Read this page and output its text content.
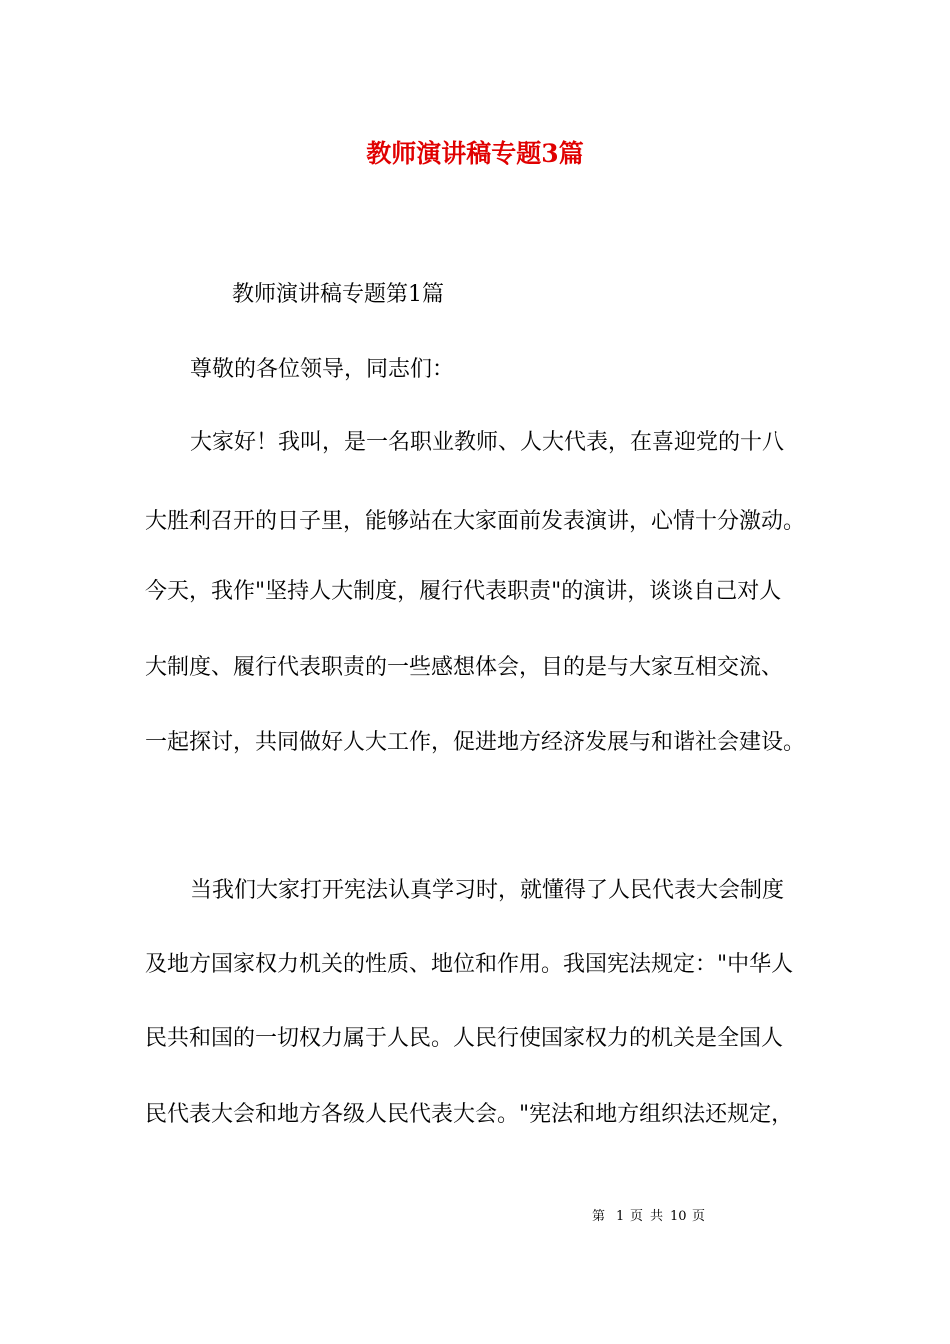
教师演讲稿专题3篇
教师演讲稿专题第1篇
尊敬的各位领导，同志们：
大家好！我叫，是一名职业教师、人大代表，在喜迎党的十八
大胜利召开的日子里，能够站在大家面前发表演讲，心情十分激动。
今天，我作"坚持人大制度，履行代表职责"的演讲，谈谈自己对人
大制度、履行代表职责的一些感想体会，目的是与大家互相交流、
一起探讨，共同做好人大工作，促进地方经济发展与和谐社会建设。
当我们大家打开宪法认真学习时，就懂得了人民代表大会制度
及地方国家权力机关的性质、地位和作用。我国宪法规定："中华人
民共和国的一切权力属于人民。人民行使国家权力的机关是全国人
民代表大会和地方各级人民代表大会。"宪法和地方组织法还规定，
第 1 页 共 10 页
